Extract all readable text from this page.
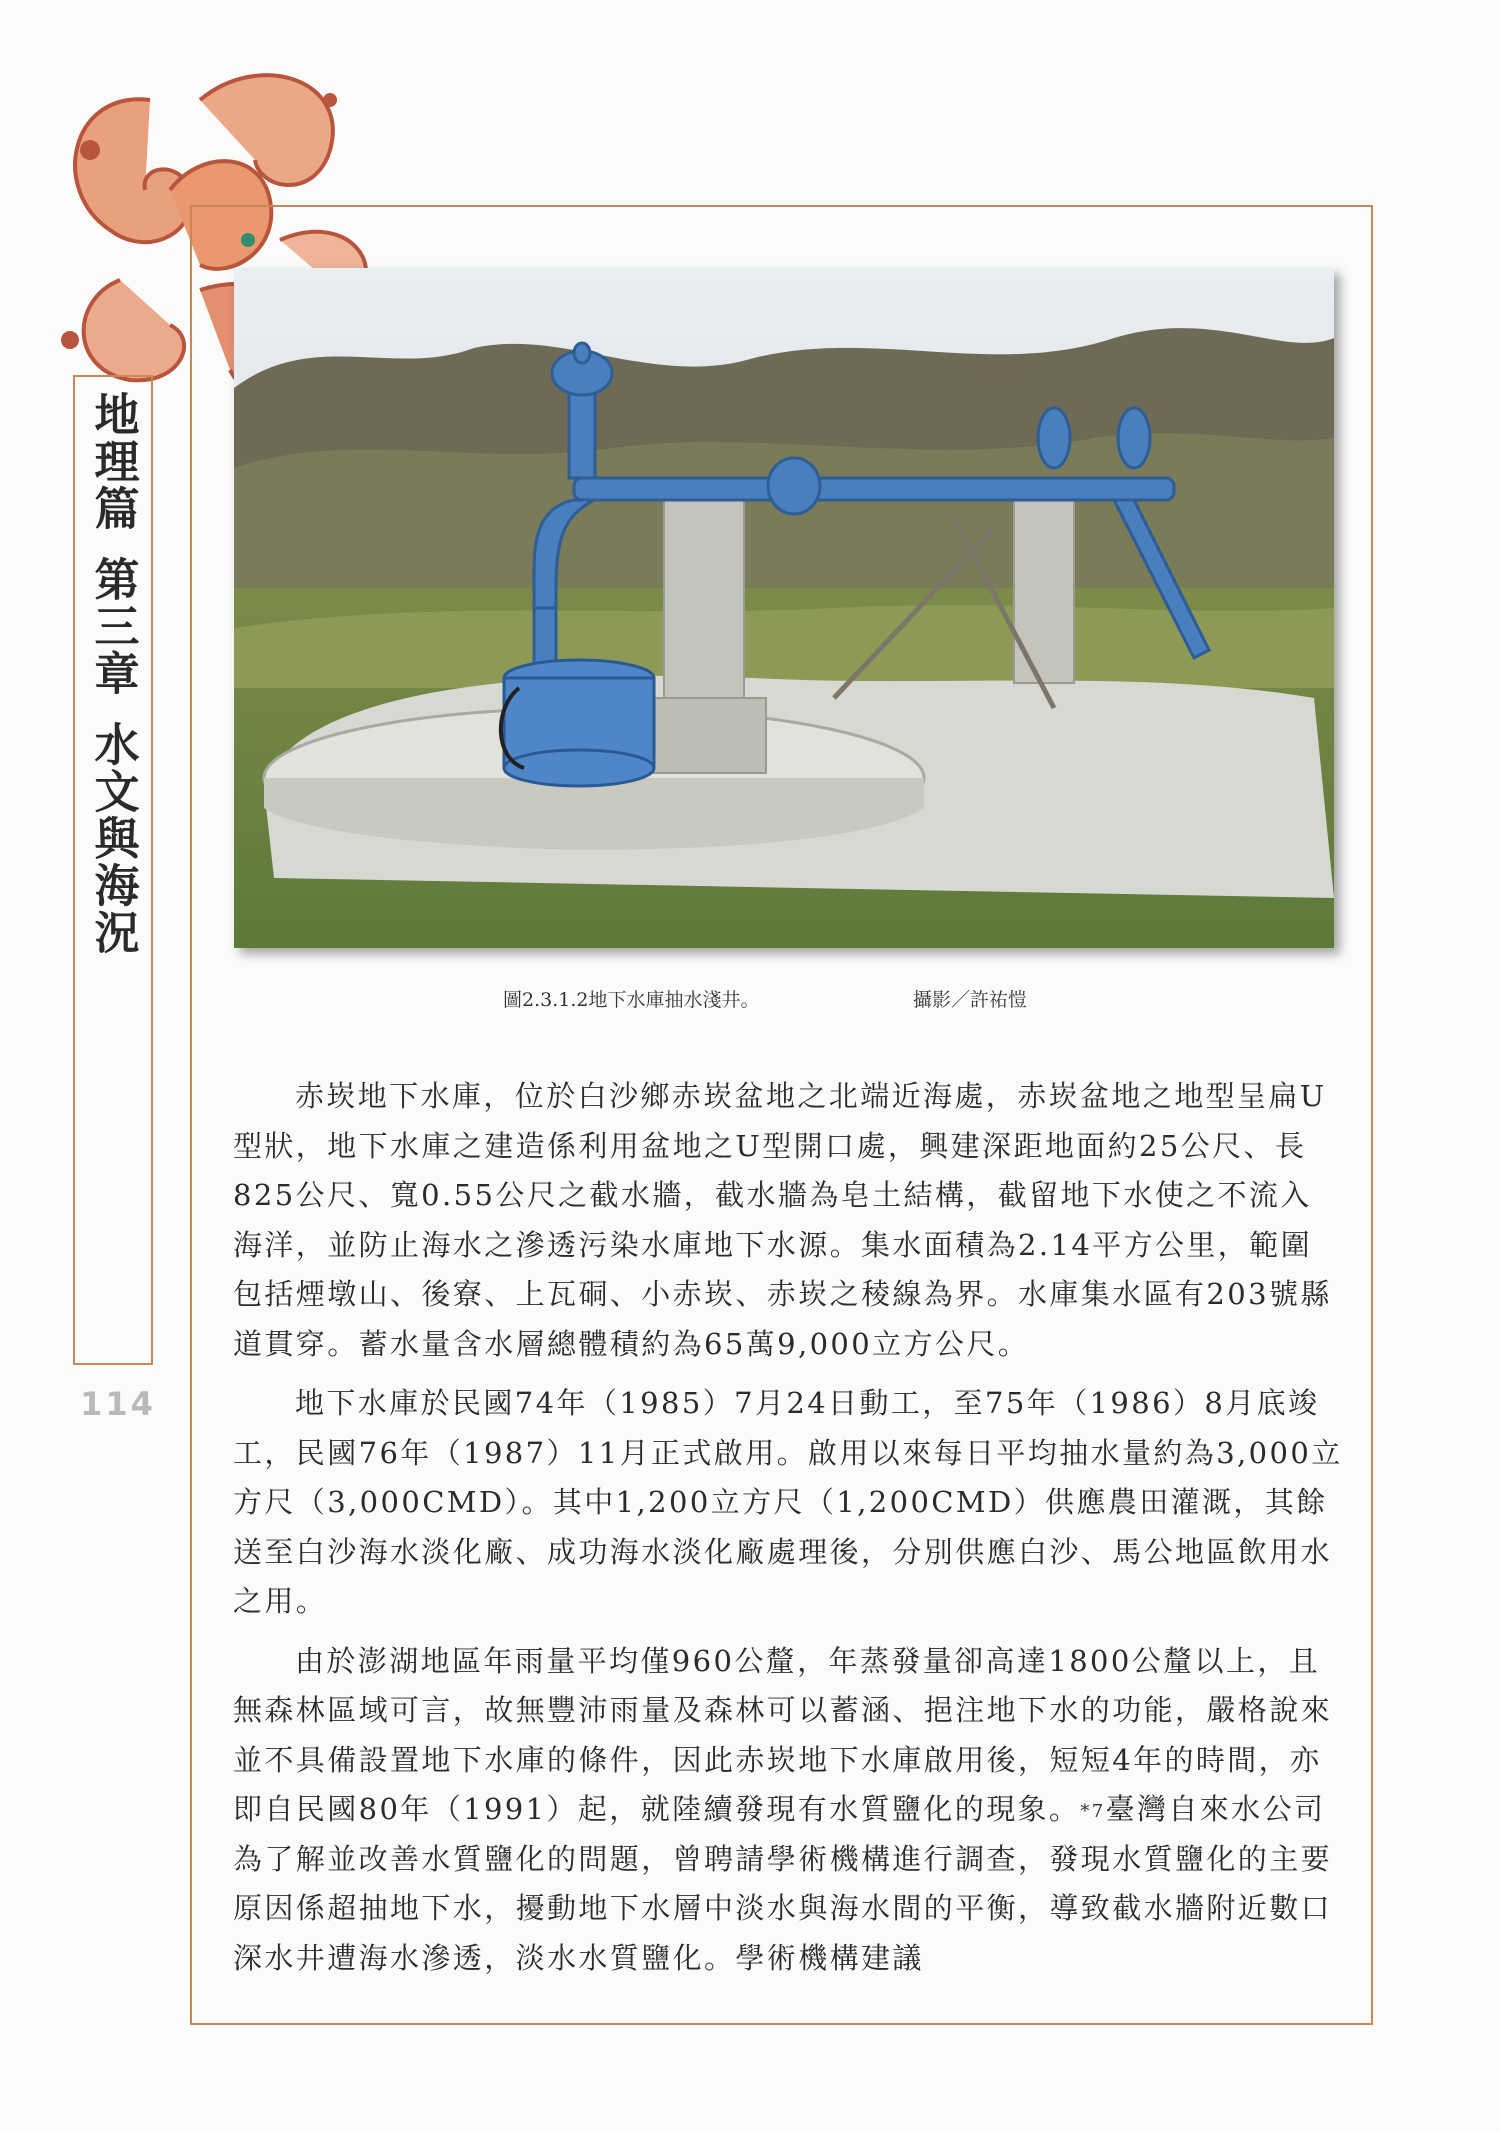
地理篇
第三章
水文與海況
114
圖2.3.1.2地下水庫抽水淺井。	攝影／許祐愷

赤崁地下水庫，位於白沙鄉赤崁盆地之北端近海處，赤崁盆地之地型呈扁U型狀，地下水庫之建造係利用盆地之U型開口處，興建深距地面約25公尺、長825公尺、寬0.55公尺之截水牆，截水牆為皂土結構，截留地下水使之不流入海洋，並防止海水之滲透污染水庫地下水源。集水面積為2.14平方公里，範圍包括煙墩山、後寮、上瓦硐、小赤崁、赤崁之稜線為界。水庫集水區有203號縣道貫穿。蓄水量含水層總體積約為65萬9,000立方公尺。

地下水庫於民國74年（1985）7月24日動工，至75年（1986）8月底竣工，民國76年（1987）11月正式啟用。啟用以來每日平均抽水量約為3,000立方尺（3,000CMD）。其中1,200立方尺（1,200CMD）供應農田灌溉，其餘送至白沙海水淡化廠、成功海水淡化廠處理後，分別供應白沙、馬公地區飲用水之用。

由於澎湖地區年雨量平均僅960公釐，年蒸發量卻高達1800公釐以上，且無森林區域可言，故無豐沛雨量及森林可以蓄涵、挹注地下水的功能，嚴格說來並不具備設置地下水庫的條件，因此赤崁地下水庫啟用後，短短4年的時間，亦即自民國80年（1991）起，就陸續發現有水質鹽化的現象。$^{*7}$臺灣自來水公司為了解並改善水質鹽化的問題，曾聘請學術機構進行調查，發現水質鹽化的主要原因係超抽地下水，擾動地下水層中淡水與海水間的平衡，導致截水牆附近數口深水井遭海水滲透，淡水水質鹽化。學術機構建議
